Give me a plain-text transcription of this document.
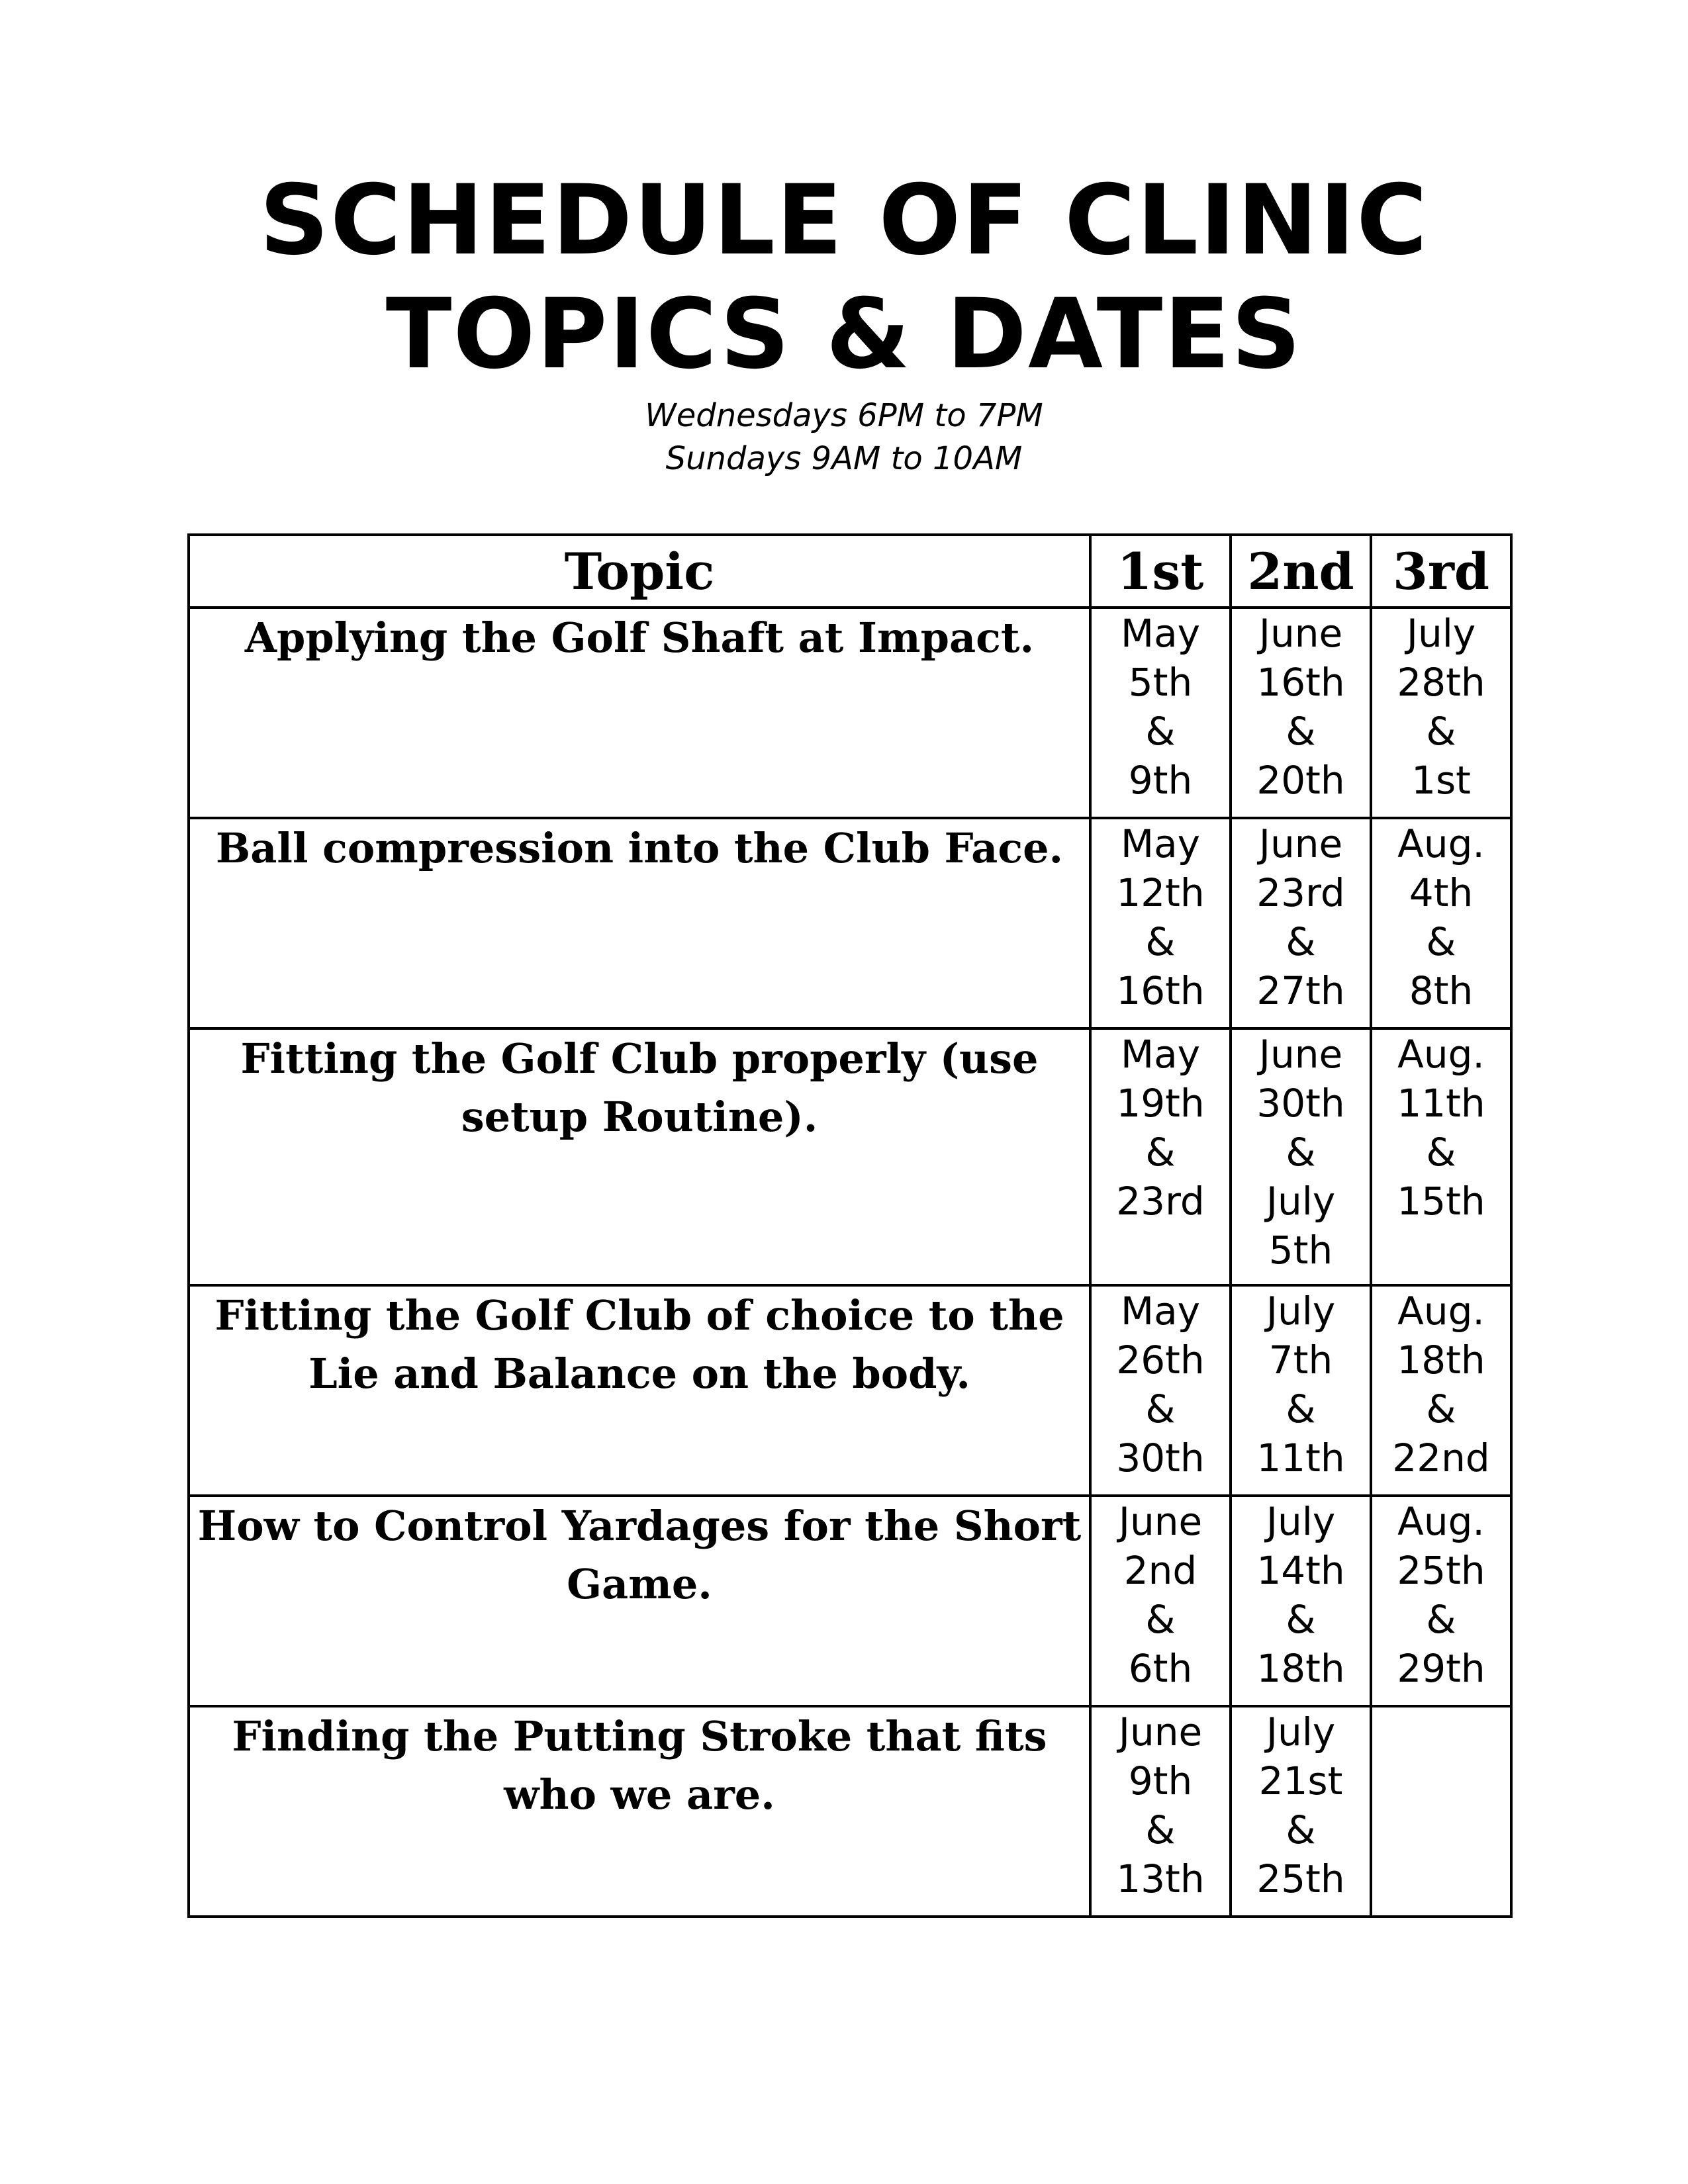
SCHEDULE OF CLINIC
TOPICS & DATES
Wednesdays 6PM to 7PM
Sundays 9AM to 10AM
Topic	1st	2nd	3rd
Applying the Golf Shaft at Impact.	May
5th
&
9th	June
16th
&
20th	July
28th
&
1st

Ball compression into the Club Face.	May
12th
&
16th	June
23rd
&
27th	Aug.
4th
&
8th

Fitting the Golf Club properly (use setup Routine).	May
19th
&
23rd	June
30th
&
July
5th	Aug.
11th
&
15th

Fitting the Golf Club of choice to the Lie and Balance on the body.	May
26th
&
30th	July
7th
&
11th	Aug.
18th
&
22nd

How to Control Yardages for the Short Game.	June
2nd
&
6th	July
14th
&
18th	Aug.
25th
&
29th

Finding the Putting Stroke that fits who we are.	June
9th
&
13th	July
21st
&
25th	
